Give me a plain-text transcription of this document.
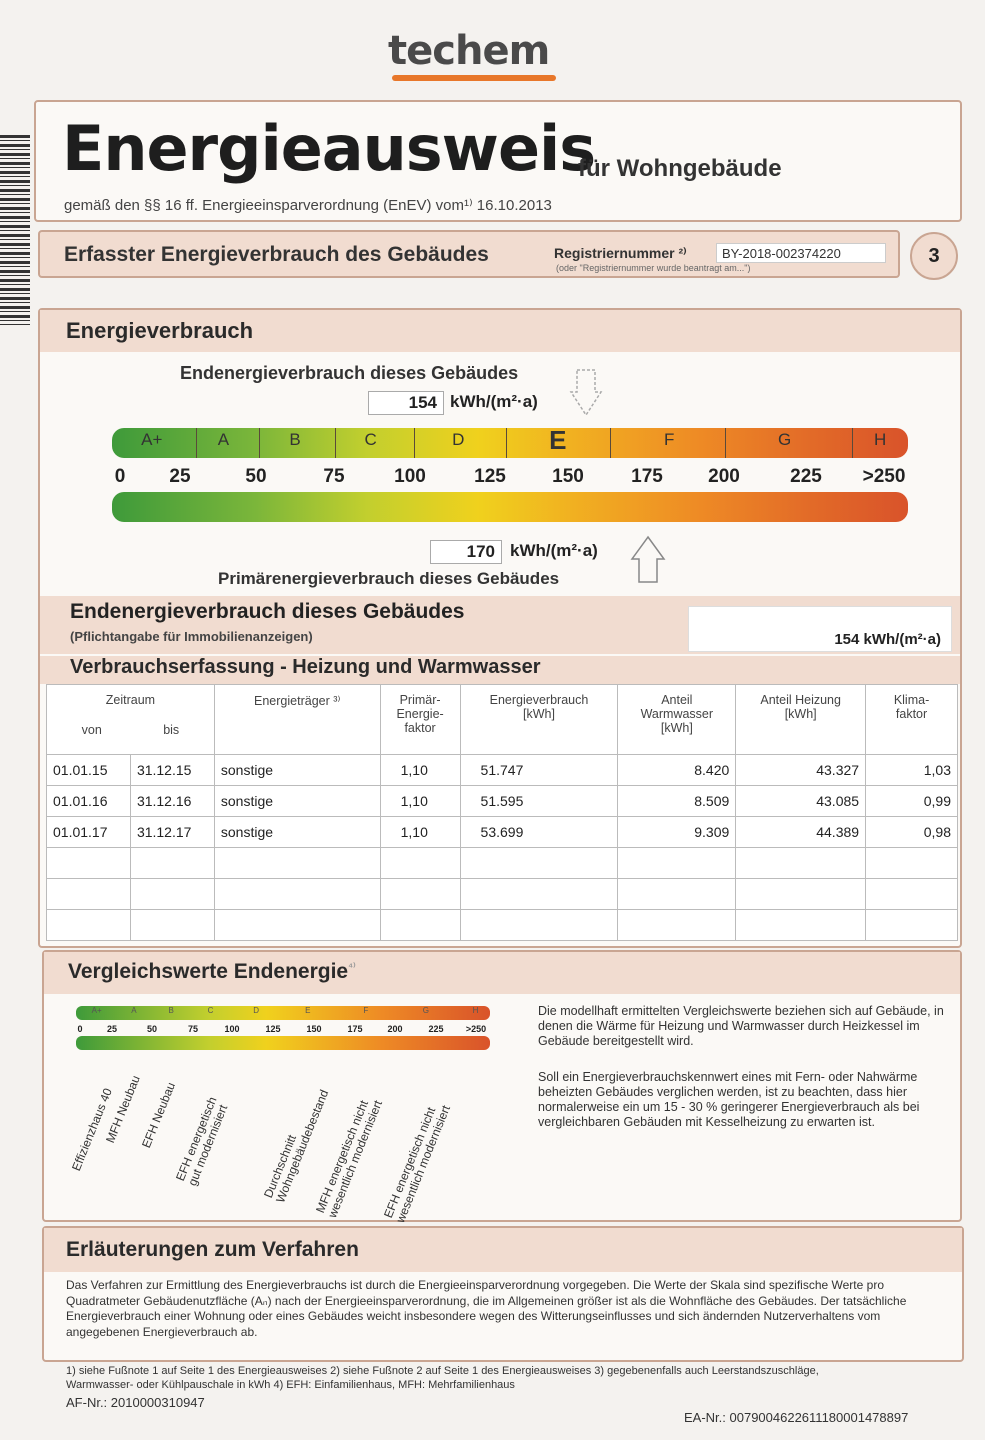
techem
Energieausweis
für Wohngebäude
gemäß den §§ 16 ff. Energieeinsparverordnung (EnEV) vom¹⁾ 16.10.2013
Erfasster Energieverbrauch des Gebäudes	Registriernummer ²⁾	BY-2018-002374220
(oder "Registriernummer wurde beantragt am...")
3
Energieverbrauch
Endenergieverbrauch dieses Gebäudes
154 kWh/(m²·a)
A+	A	B	C	D	E	F	G	H
0 25	50	75	100	125 150 175 200	225 >250
170 kWh/(m²·a)
Primärenergieverbrauch dieses Gebäudes
Endenergieverbrauch dieses Gebäudes
(Pflichtangabe für Immobilienanzeigen)	154 kWh/(m²·a)
Verbrauchserfassung - Heizung und Warmwasser
Zeitraum
von bis		Energieträger ³⁾	Primär-
Energie-
faktor	Energieverbrauch
[kWh]	Anteil
Warmwasser
[kWh]	Anteil Heizung
[kWh]	Klima-
faktor
01.01.15	31.12.15	sonstige	1,10	51.747	8.420	43.327	1,03
01.01.16	31.12.16	sonstige	1,10	51.595	8.509	43.085	0,99
01.01.17	31.12.17	sonstige	1,10	53.699	9.309	44.389	0,98

Vergleichswerte Endenergie$^{^{4)}}$
A+	A	B	C	D	E	F	G	H
0	25	50	75	100	125	150	175	200	225 >250
Effizienzhaus 40
MFH Neubau
EFH Neubau
EFH energetisch
gut modernisiert	Durchschnitt
Wohngebäudebestand
MFH energetisch nicht
wesentlich modernisiert
EFH energetisch nicht
wesentlich modernisiert
Die modellhaft ermittelten Vergleichswerte beziehen sich auf Gebäude, in denen die Wärme für Heizung und Warmwasser durch Heizkessel im Gebäude bereitgestellt wird.
Soll ein Energieverbrauchskennwert eines mit Fern- oder Nahwärme beheizten Gebäudes verglichen werden, ist zu beachten, dass hier normalerweise ein um 15 - 30 % geringerer Energieverbrauch als bei vergleichbaren Gebäuden mit Kesselheizung zu erwarten ist.
Erläuterungen zum Verfahren
Das Verfahren zur Ermittlung des Energieverbrauchs ist durch die Energieeinsparverordnung vorgegeben. Die Werte der Skala sind spezifische Werte pro Quadratmeter Gebäudenutzfläche (Aₙ) nach der Energieeinsparverordnung, die im Allgemeinen größer ist als die Wohnfläche des Gebäudes. Der tatsächliche Energieverbrauch einer Wohnung oder eines Gebäudes weicht insbesondere wegen des Witterungseinflusses und sich ändernden Nutzerverhaltens vom angegebenen Energieverbrauch ab.
1) siehe Fußnote 1 auf Seite 1 des Energieausweises 2) siehe Fußnote 2 auf Seite 1 des Energieausweises 3) gegebenenfalls auch Leerstandszuschläge, Warmwasser- oder Kühlpauschale in kWh 4) EFH: Einfamilienhaus, MFH: Mehrfamilienhaus
AF-Nr.: 2010000310947
EA-Nr.: 0079004622611180001478897
